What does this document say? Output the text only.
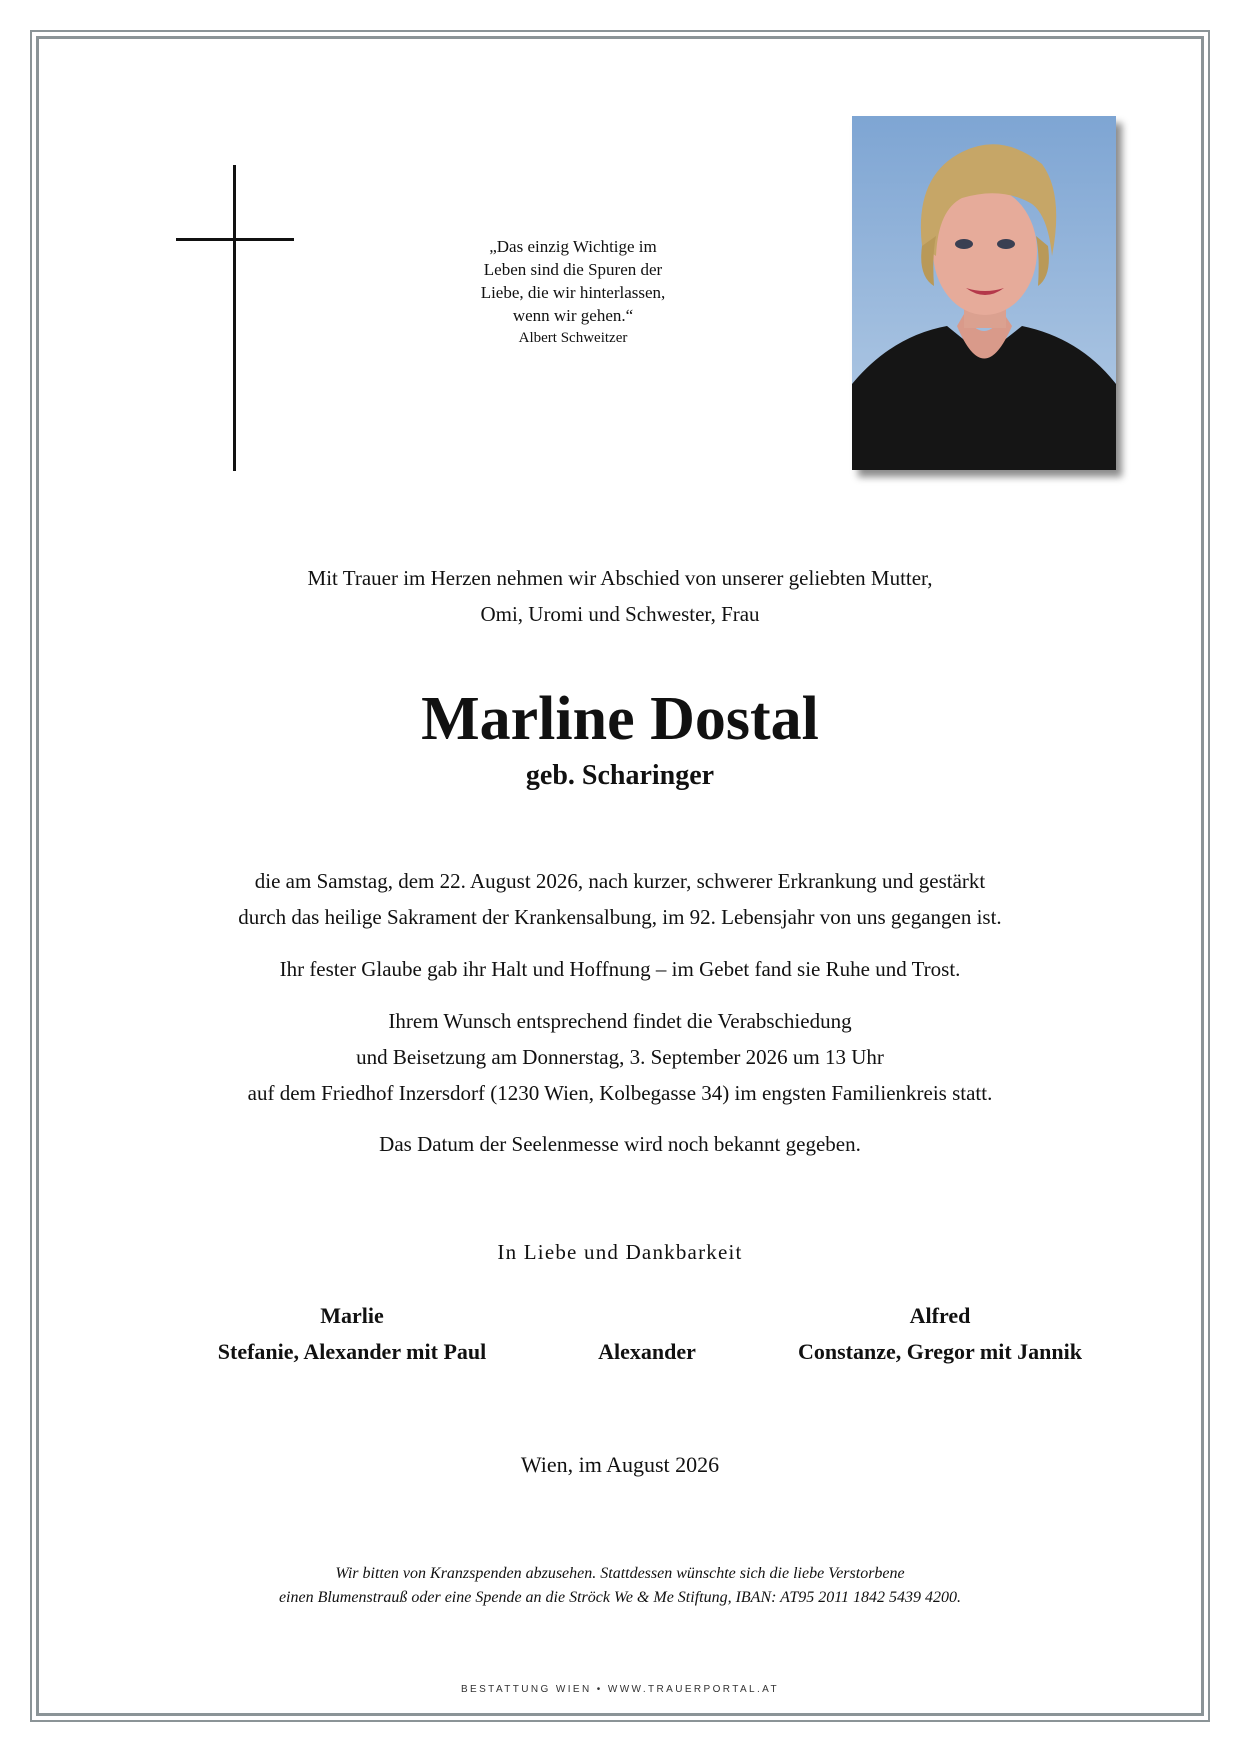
„Das einzig Wichtige im
Leben sind die Spuren der
Liebe, die wir hinterlassen,
wenn wir gehen.“
Albert Schweitzer
Mit Trauer im Herzen nehmen wir Abschied von unserer geliebten Mutter,
Omi, Uromi und Schwester, Frau
Marline Dostal
geb. Scharinger
die am Samstag, dem 22. August 2026, nach kurzer, schwerer Erkrankung und gestärkt
durch das heilige Sakrament der Krankensalbung, im 92. Lebensjahr von uns gegangen ist.
Ihr fester Glaube gab ihr Halt und Hoffnung – im Gebet fand sie Ruhe und Trost.
Ihrem Wunsch entsprechend findet die Verabschiedung
und Beisetzung am Donnerstag, 3. September 2026 um 13 Uhr
auf dem Friedhof Inzersdorf (1230 Wien, Kolbegasse 34) im engsten Familienkreis statt.
Das Datum der Seelenmesse wird noch bekannt gegeben.
In Liebe und Dankbarkeit
Marlie
Stefanie, Alexander mit Paul	Alexander
Alfred
Constanze, Gregor mit Jannik
Wien, im August 2026
Wir bitten von Kranzspenden abzusehen. Stattdessen wünschte sich die liebe Verstorbene
einen Blumenstrauß oder eine Spende an die Ströck We & Me Stiftung, IBAN: AT95 2011 1842 5439 4200.
BESTATTUNG WIEN • WWW.TRAUERPORTAL.AT
